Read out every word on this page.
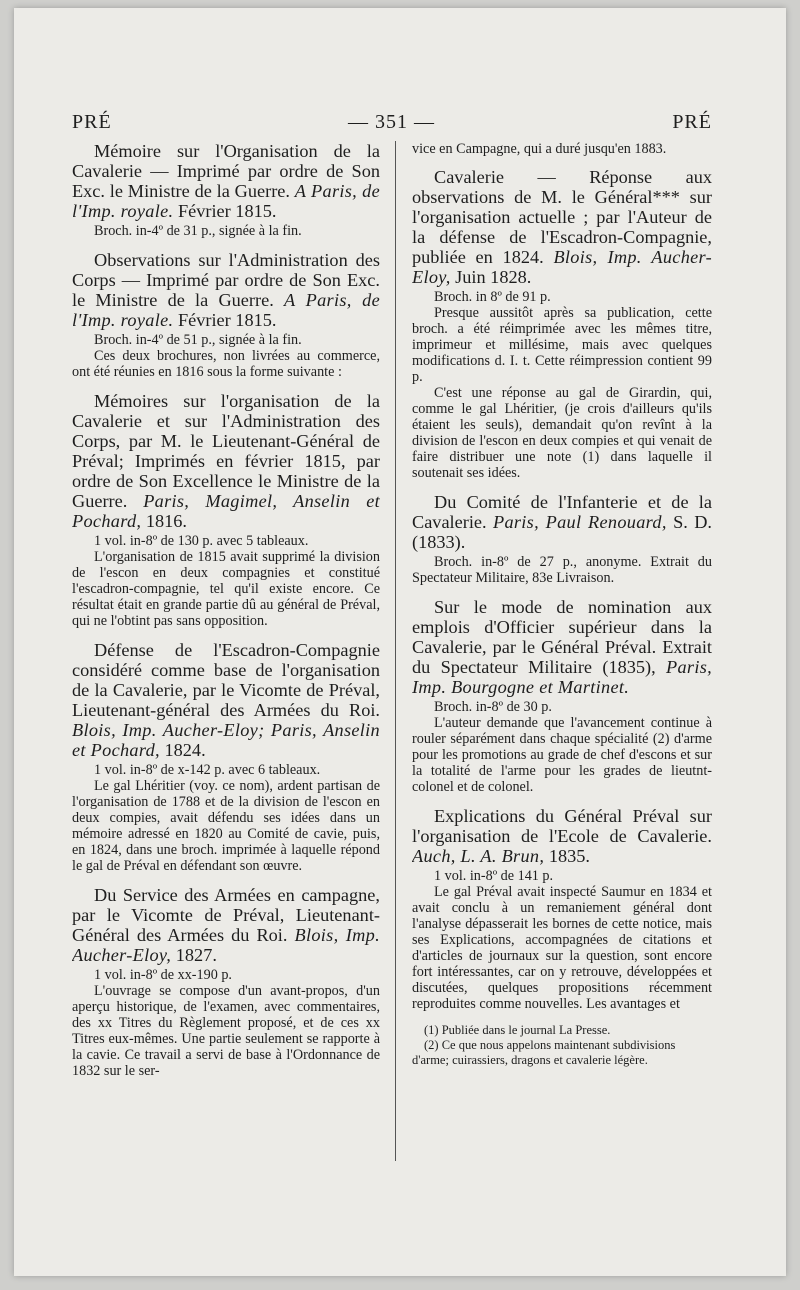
PRÉ	— 351 —	PRÉ

Mémoire sur l'Organisation de la Cavalerie — Imprimé par ordre de Son Exc. le Ministre de la Guerre. A Paris, de l'Imp. royale. Février 1815.

Broch. in-4º de 31 p., signée à la fin.

Observations sur l'Administration des Corps — Imprimé par ordre de Son Exc. le Ministre de la Guerre. A Paris, de l'Imp. royale. Février 1815.

Broch. in-4º de 51 p., signée à la fin.

Ces deux brochures, non livrées au commerce, ont été réunies en 1816 sous la forme suivante :

Mémoires sur l'organisation de la Cavalerie et sur l'Administration des Corps, par M. le Lieutenant-Général de Préval; Imprimés en février 1815, par ordre de Son Excellence le Ministre de la Guerre. Paris, Magimel, Anselin et Pochard, 1816.

1 vol. in-8º de 130 p. avec 5 tableaux.

L'organisation de 1815 avait supprimé la division de l'escon en deux compagnies et constitué l'escadron-compagnie, tel qu'il existe encore. Ce résultat était en grande partie dû au général de Préval, qui ne l'obtint pas sans opposition.

Défense de l'Escadron-Compagnie considéré comme base de l'organisation de la Cavalerie, par le Vicomte de Préval, Lieutenant-général des Armées du Roi. Blois, Imp. Aucher-Eloy; Paris, Anselin et Pochard, 1824.

1 vol. in-8º de x-142 p. avec 6 tableaux.

Le gal Lhéritier (voy. ce nom), ardent partisan de l'organisation de 1788 et de la division de l'escon en deux compies, avait défendu ses idées dans un mémoire adressé en 1820 au Comité de cavie, puis, en 1824, dans une broch. imprimée à laquelle répond le gal de Préval en défendant son œuvre.

Du Service des Armées en campagne, par le Vicomte de Préval, Lieutenant-Général des Armées du Roi. Blois, Imp. Aucher-Eloy, 1827.

1 vol. in-8º de xx-190 p.

L'ouvrage se compose d'un avant-propos, d'un aperçu historique, de l'examen, avec commentaires, des xx Titres du Règlement proposé, et de ces xx Titres eux-mêmes. Une partie seulement se rapporte à la cavie. Ce travail a servi de base à l'Ordonnance de 1832 sur le ser-

vice en Campagne, qui a duré jusqu'en 1883.

Cavalerie — Réponse aux observations de M. le Général*** sur l'organisation actuelle ; par l'Auteur de la défense de l'Escadron-Compagnie, publiée en 1824. Blois, Imp. Aucher-Eloy, Juin 1828.

Broch. in 8º de 91 p.

Presque aussitôt après sa publication, cette broch. a été réimprimée avec les mêmes titre, imprimeur et millésime, mais avec quelques modifications d. I. t. Cette réimpression contient 99 p.

C'est une réponse au gal de Girardin, qui, comme le gal Lhéritier, (je crois d'ailleurs qu'ils étaient les seuls), demandait qu'on revînt à la division de l'escon en deux compies et qui venait de faire distribuer une note (1) dans laquelle il soutenait ses idées.

Du Comité de l'Infanterie et de la Cavalerie. Paris, Paul Renouard, S. D. (1833).

Broch. in-8º de 27 p., anonyme. Extrait du Spectateur Militaire, 83e Livraison.

Sur le mode de nomination aux emplois d'Officier supérieur dans la Cavalerie, par le Général Préval. Extrait du Spectateur Militaire (1835), Paris, Imp. Bourgogne et Martinet.

Broch. in-8º de 30 p.

L'auteur demande que l'avancement continue à rouler séparément dans chaque spécialité (2) d'arme pour les promotions au grade de chef d'escons et sur la totalité de l'arme pour les grades de lieutnt-colonel et de colonel.

Explications du Général Préval sur l'organisation de l'Ecole de Cavalerie. Auch, L. A. Brun, 1835.

1 vol. in-8º de 141 p.

Le gal Préval avait inspecté Saumur en 1834 et avait conclu à un remaniement général dont l'analyse dépasserait les bornes de cette notice, mais ses Explications, accompagnées de citations et d'articles de journaux sur la question, sont encore fort intéressantes, car on y retrouve, développées et discutées, quelques propositions récemment reproduites comme nouvelles. Les avantages et

(1) Publiée dans le journal La Presse.

(2) Ce que nous appelons maintenant subdivisions d'arme; cuirassiers, dragons et cavalerie légère.
